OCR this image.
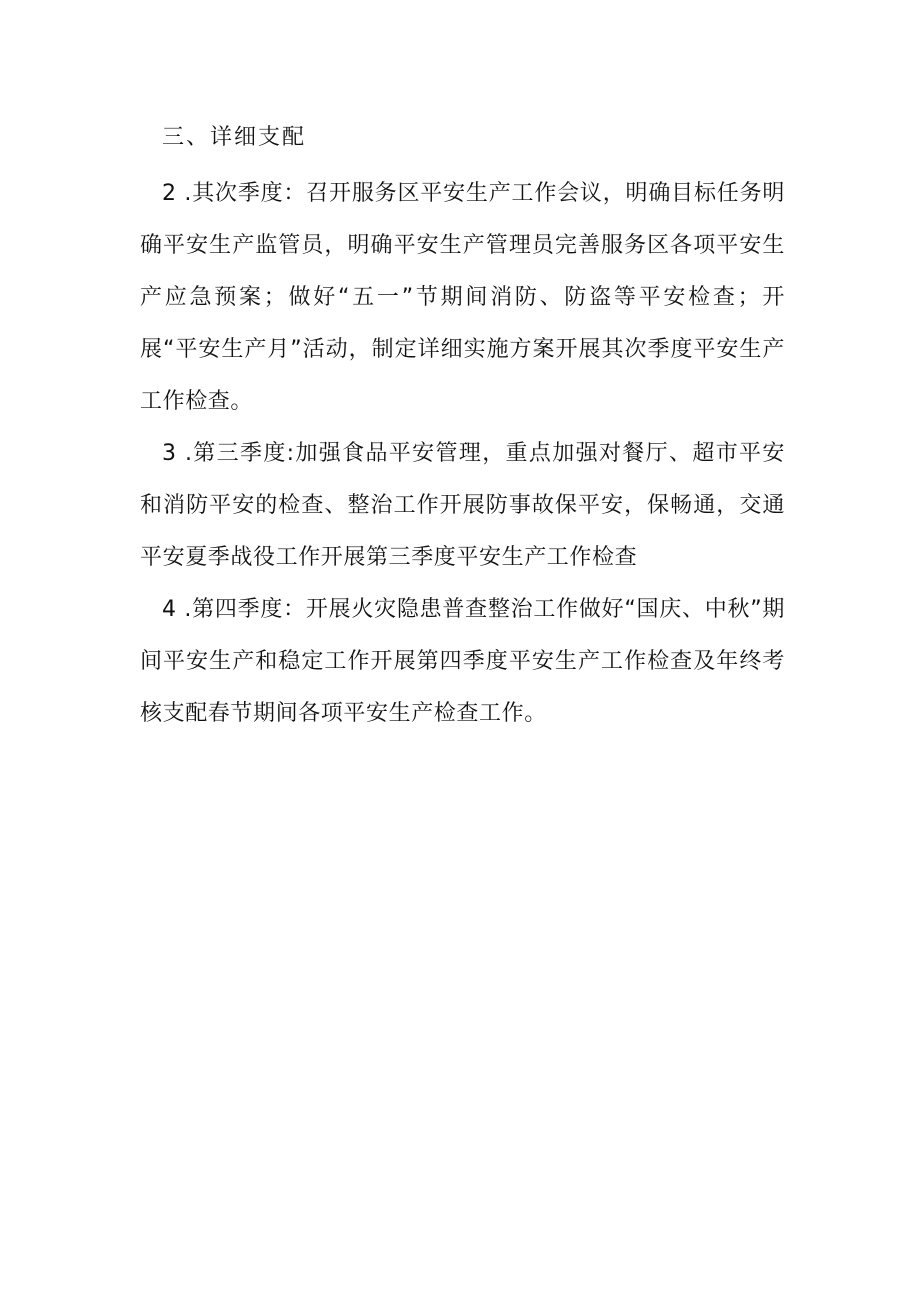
三、详细支配

2 .其次季度：召开服务区平安生产工作会议，明确目标任务明确平安生产监管员，明确平安生产管理员完善服务区各项平安生产应急预案；做好“五一”节期间消防、防盗等平安检查；开展“平安生产月”活动，制定详细实施方案开展其次季度平安生产工作检查。

3 .第三季度:加强食品平安管理，重点加强对餐厅、超市平安和消防平安的检查、整治工作开展防事故保平安，保畅通，交通平安夏季战役工作开展第三季度平安生产工作检查

4 .第四季度：开展火灾隐患普查整治工作做好“国庆、中秋”期间平安生产和稳定工作开展第四季度平安生产工作检查及年终考核支配春节期间各项平安生产检查工作。
